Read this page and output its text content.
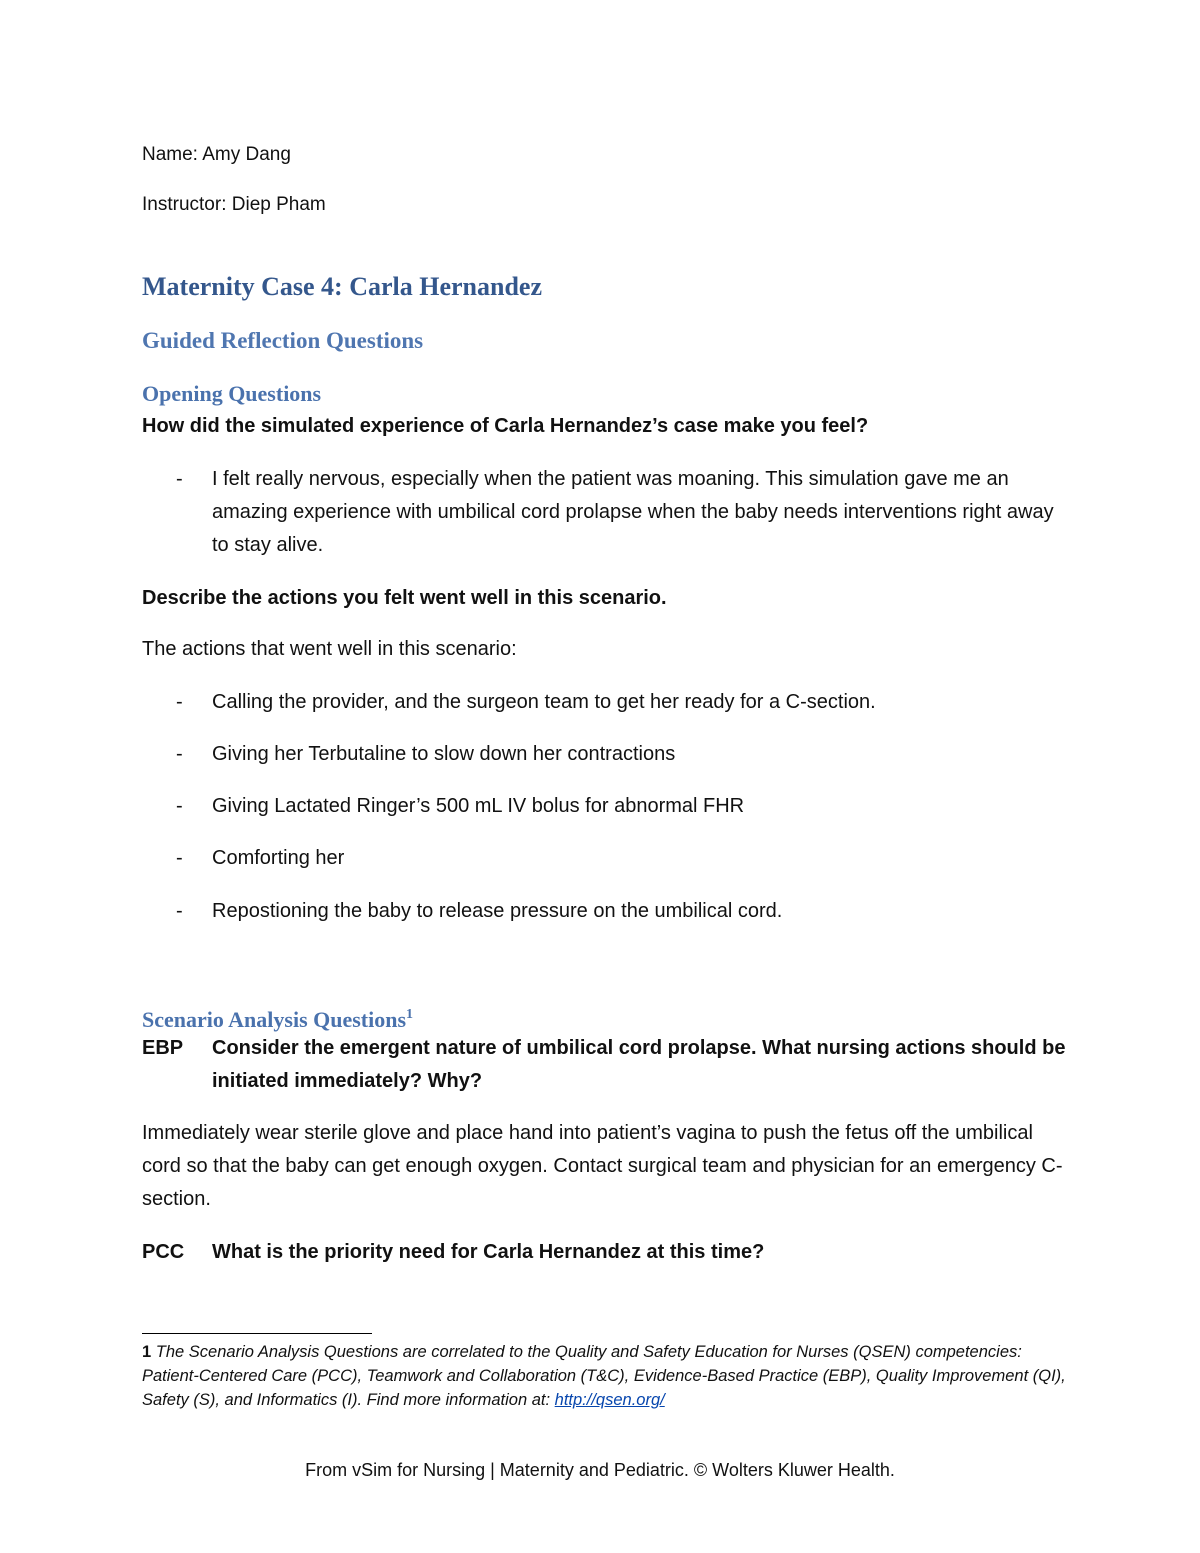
Name: Amy Dang
Instructor: Diep Pham
Maternity Case 4: Carla Hernandez
Guided Reflection Questions
Opening Questions
How did the simulated experience of Carla Hernandez’s case make you feel?
- I felt really nervous, especially when the patient was moaning. This simulation gave me an amazing experience with umbilical cord prolapse when the baby needs interventions right away to stay alive.
Describe the actions you felt went well in this scenario.
The actions that went well in this scenario:
- Calling the provider, and the surgeon team to get her ready for a C-section.
- Giving her Terbutaline to slow down her contractions
- Giving Lactated Ringer’s 500 mL IV bolus for abnormal FHR
- Comforting her
- Repostioning the baby to release pressure on the umbilical cord.
Scenario Analysis Questions$^1$
EBP Consider the emergent nature of umbilical cord prolapse. What nursing actions should be initiated immediately? Why?
Immediately wear sterile glove and place hand into patient’s vagina to push the fetus off the umbilical cord so that the baby can get enough oxygen. Contact surgical team and physician for an emergency C-section.
PCC What is the priority need for Carla Hernandez at this time?
1 The Scenario Analysis Questions are correlated to the Quality and Safety Education for Nurses (QSEN) competencies: Patient-Centered Care (PCC), Teamwork and Collaboration (T&C), Evidence-Based Practice (EBP), Quality Improvement (QI), Safety (S), and Informatics (I). Find more information at: http://qsen.org/
From vSim for Nursing | Maternity and Pediatric. © Wolters Kluwer Health.
